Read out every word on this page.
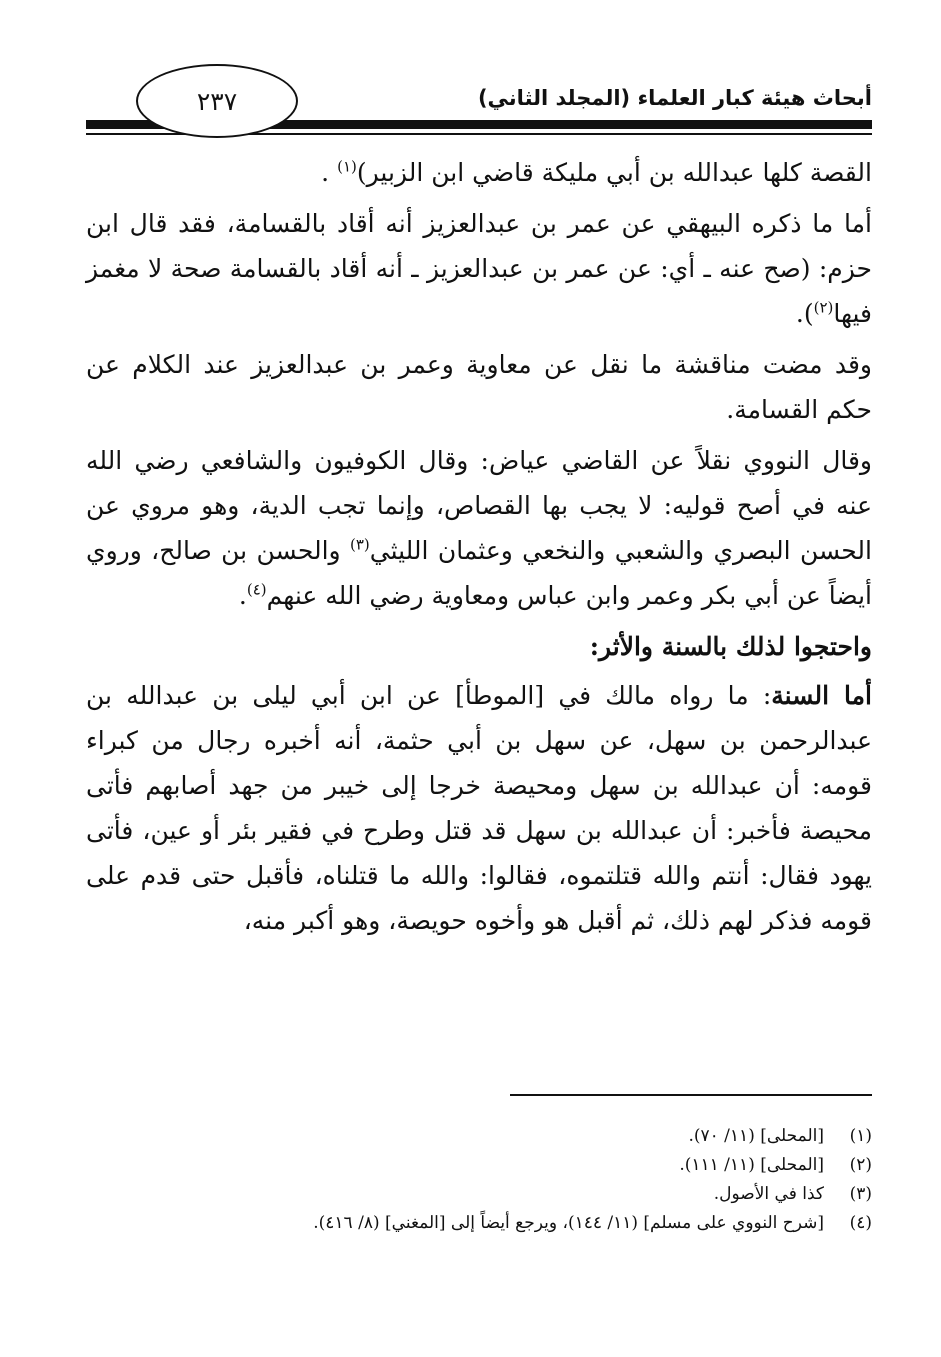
أبحاث هيئة كبار العلماء (المجلد الثاني)
٢٣٧

القصة كلها عبدالله بن أبي مليكة قاضي ابن الزبير)$^{(١)}$ .

أما ما ذكره البيهقي عن عمر بن عبدالعزيز أنه أقاد بالقسامة، فقد قال ابن حزم: (صح عنه ـ أي: عن عمر بن عبدالعزيز ـ أنه أقاد بالقسامة صحة لا مغمز فيها$^{(٢)}$).

وقد مضت مناقشة ما نقل عن معاوية وعمر بن عبدالعزيز عند الكلام عن حكم القسامة.

وقال النووي نقلاً عن القاضي عياض: وقال الكوفيون والشافعي رضي الله عنه في أصح قوليه: لا يجب بها القصاص، وإنما تجب الدية، وهو مروي عن الحسن البصري والشعبي والنخعي وعثمان الليثي$^{(٣)}$ والحسن بن صالح، وروي أيضاً عن أبي بكر وعمر وابن عباس ومعاوية رضي الله عنهم$^{(٤)}$.

واحتجوا لذلك بالسنة والأثر:

أما السنة: ما رواه مالك في [الموطأ] عن ابن أبي ليلى بن عبدالله بن عبدالرحمن بن سهل، عن سهل بن أبي حثمة، أنه أخبره رجال من كبراء قومه: أن عبدالله بن سهل ومحيصة خرجا إلى خيبر من جهد أصابهم فأتى محيصة فأخبر: أن عبدالله بن سهل قد قتل وطرح في فقير بئر أو عين، فأتى يهود فقال: أنتم والله قتلتموه، فقالوا: والله ما قتلناه، فأقبل حتى قدم على قومه فذكر لهم ذلك، ثم أقبل هو وأخوه حويصة، وهو أكبر منه،

(١)
[المحلى] (١١/ ٧٠).
(٢)
[المحلى] (١١/ ١١١).
(٣)
كذا في الأصول.
(٤)
[شرح النووي على مسلم] (١١/ ١٤٤)، ويرجع أيضاً إلى [المغني] (٨/ ٤١٦).
